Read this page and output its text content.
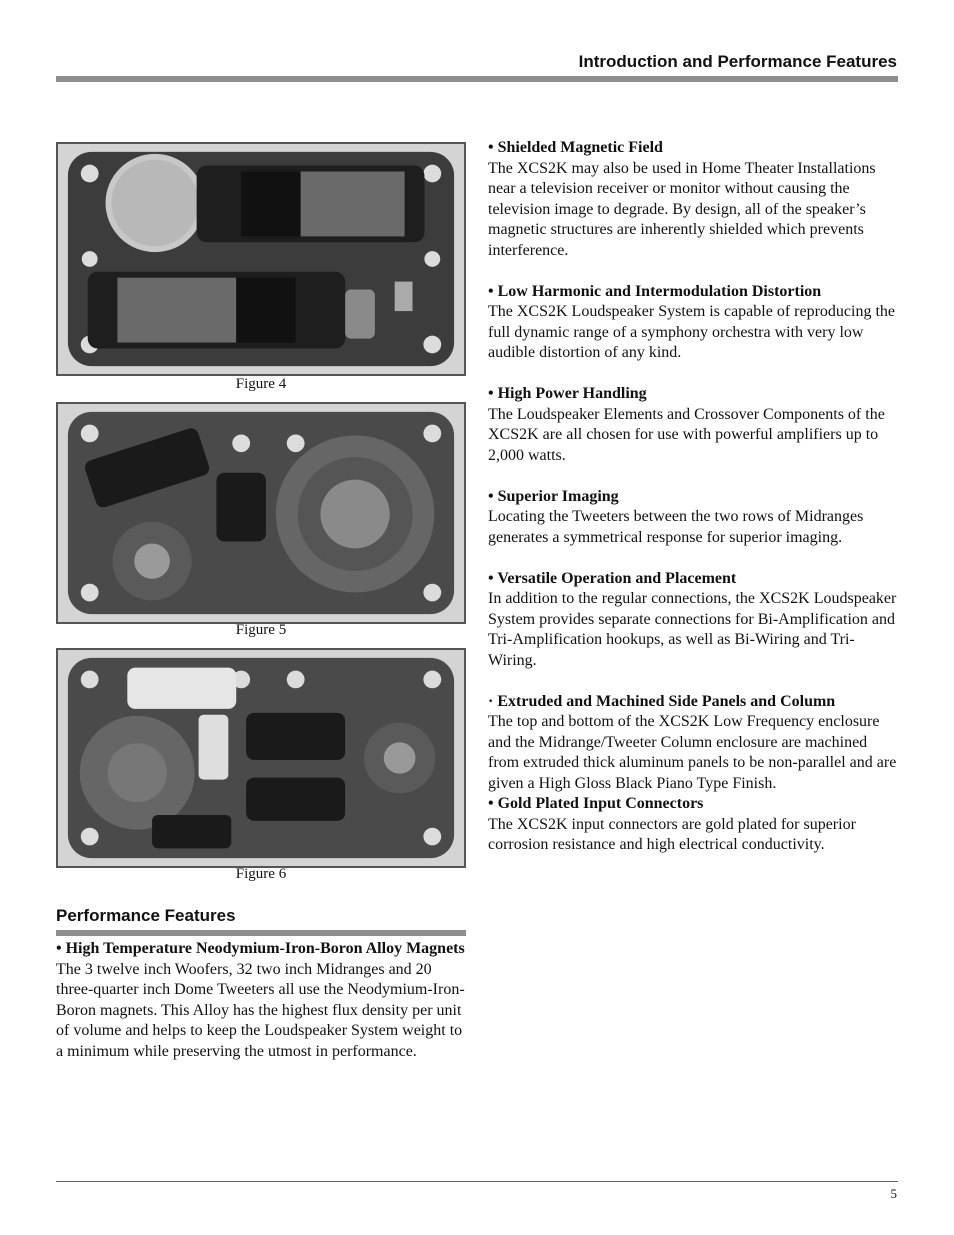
Introduction and Performance Features
Figure 4
Figure 5
Figure 6
Performance Features

• High Temperature Neodymium-Iron-Boron Alloy Magnets

The 3 twelve inch Woofers, 32 two inch Midranges and 20 three-quarter inch Dome Tweeters all use the Neodymium-Iron-Boron magnets. This Alloy has the highest flux density per unit of volume and helps to keep the Loudspeaker System weight to a minimum while preserving the utmost in performance.

• Shielded Magnetic Field

The XCS2K may also be used in Home Theater Installations near a television receiver or monitor without causing the television image to degrade. By design, all of the speaker’s magnetic structures are inherently shielded which prevents interference.

• Low Harmonic and Intermodulation Distortion

The XCS2K Loudspeaker System is capable of reproducing the full dynamic range of a symphony orchestra with very low audible distortion of any kind.

• High Power Handling

The Loudspeaker Elements and Crossover Components of the XCS2K are all chosen for use with powerful amplifiers up to 2,000 watts.

• Superior Imaging

Locating the Tweeters between the two rows of Midranges generates a symmetrical response for superior imaging.

• Versatile Operation and Placement

In addition to the regular connections, the XCS2K Loudspeaker System provides separate connections for Bi-Amplification and Tri-Amplification hookups, as well as Bi-Wiring and Tri-Wiring.

· Extruded and Machined Side Panels and Column

The top and bottom of the XCS2K Low Frequency enclosure and the Midrange/Tweeter Column enclosure are machined from extruded thick aluminum panels to be non-parallel and are given a High Gloss Black Piano Type Finish.

• Gold Plated Input Connectors

The XCS2K input connectors are gold plated for superior corrosion resistance and high electrical conductivity.

5
